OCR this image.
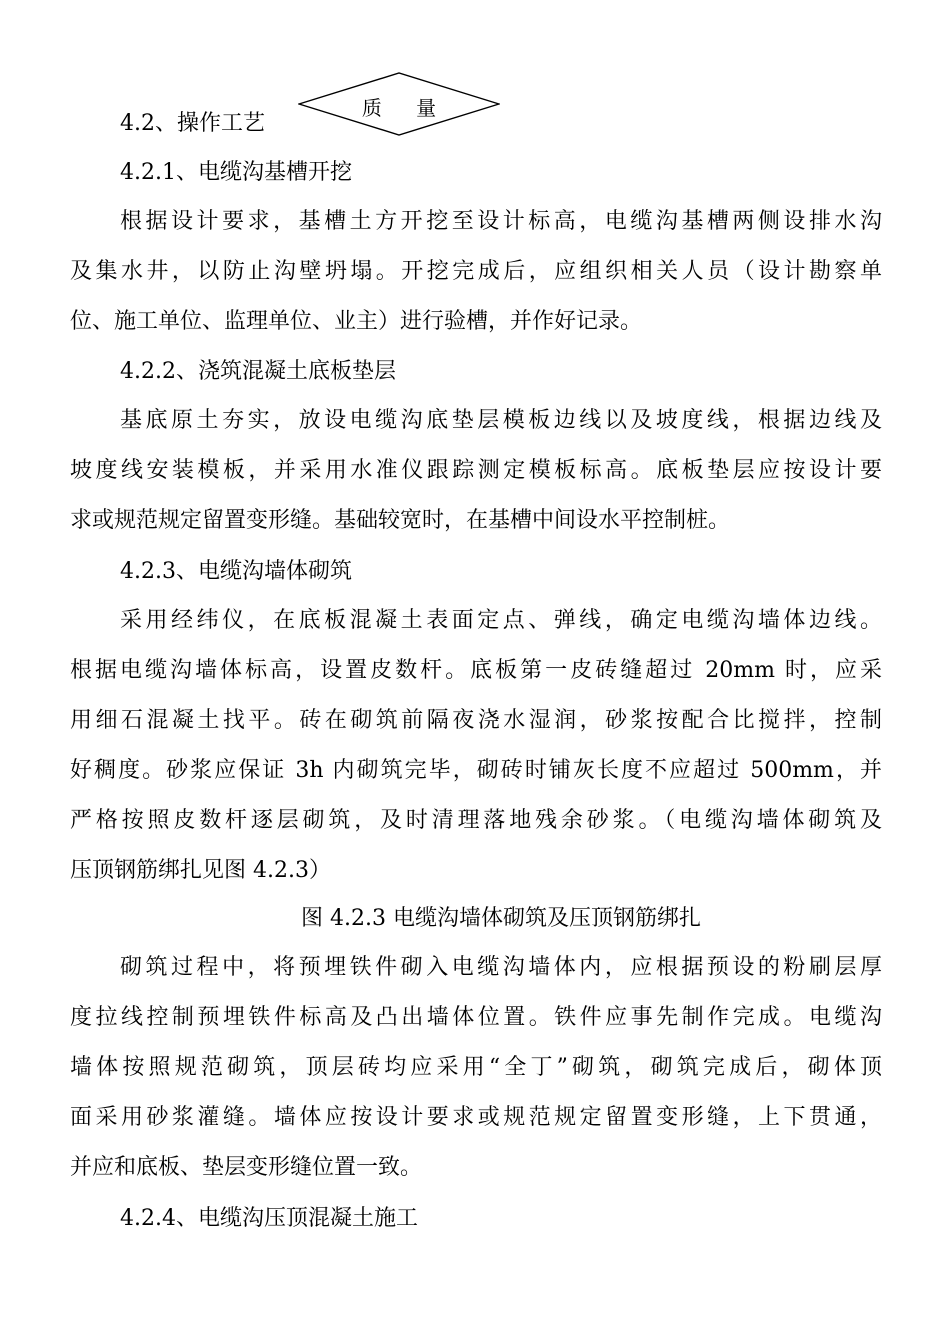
4.2、操作工艺
质 量
4.2.1、电缆沟基槽开挖
根据设计要求，基槽土方开挖至设计标高，电缆沟基槽两侧设排水沟
及集水井，以防止沟壁坍塌。开挖完成后，应组织相关人员（设计勘察单
位、施工单位、监理单位、业主）进行验槽，并作好记录。
4.2.2、浇筑混凝土底板垫层
基底原土夯实，放设电缆沟底垫层模板边线以及坡度线，根据边线及
坡度线安装模板，并采用水准仪跟踪测定模板标高。底板垫层应按设计要
求或规范规定留置变形缝。基础较宽时，在基槽中间设水平控制桩。
4.2.3、电缆沟墙体砌筑
采用经纬仪，在底板混凝土表面定点、弹线，确定电缆沟墙体边线。
根据电缆沟墙体标高，设置皮数杆。底板第一皮砖缝超过 20mm 时，应采
用细石混凝土找平。砖在砌筑前隔夜浇水湿润，砂浆按配合比搅拌，控制
好稠度。砂浆应保证 3h 内砌筑完毕，砌砖时铺灰长度不应超过 500mm，并
严格按照皮数杆逐层砌筑，及时清理落地残余砂浆。（电缆沟墙体砌筑及
压顶钢筋绑扎见图 4.2.3）
图 4.2.3 电缆沟墙体砌筑及压顶钢筋绑扎
砌筑过程中，将预埋铁件砌入电缆沟墙体内，应根据预设的粉刷层厚
度拉线控制预埋铁件标高及凸出墙体位置。铁件应事先制作完成。电缆沟
墙体按照规范砌筑，顶层砖均应采用“全丁”砌筑，砌筑完成后，砌体顶
面采用砂浆灌缝。墙体应按设计要求或规范规定留置变形缝，上下贯通，
并应和底板、垫层变形缝位置一致。
4.2.4、电缆沟压顶混凝土施工
